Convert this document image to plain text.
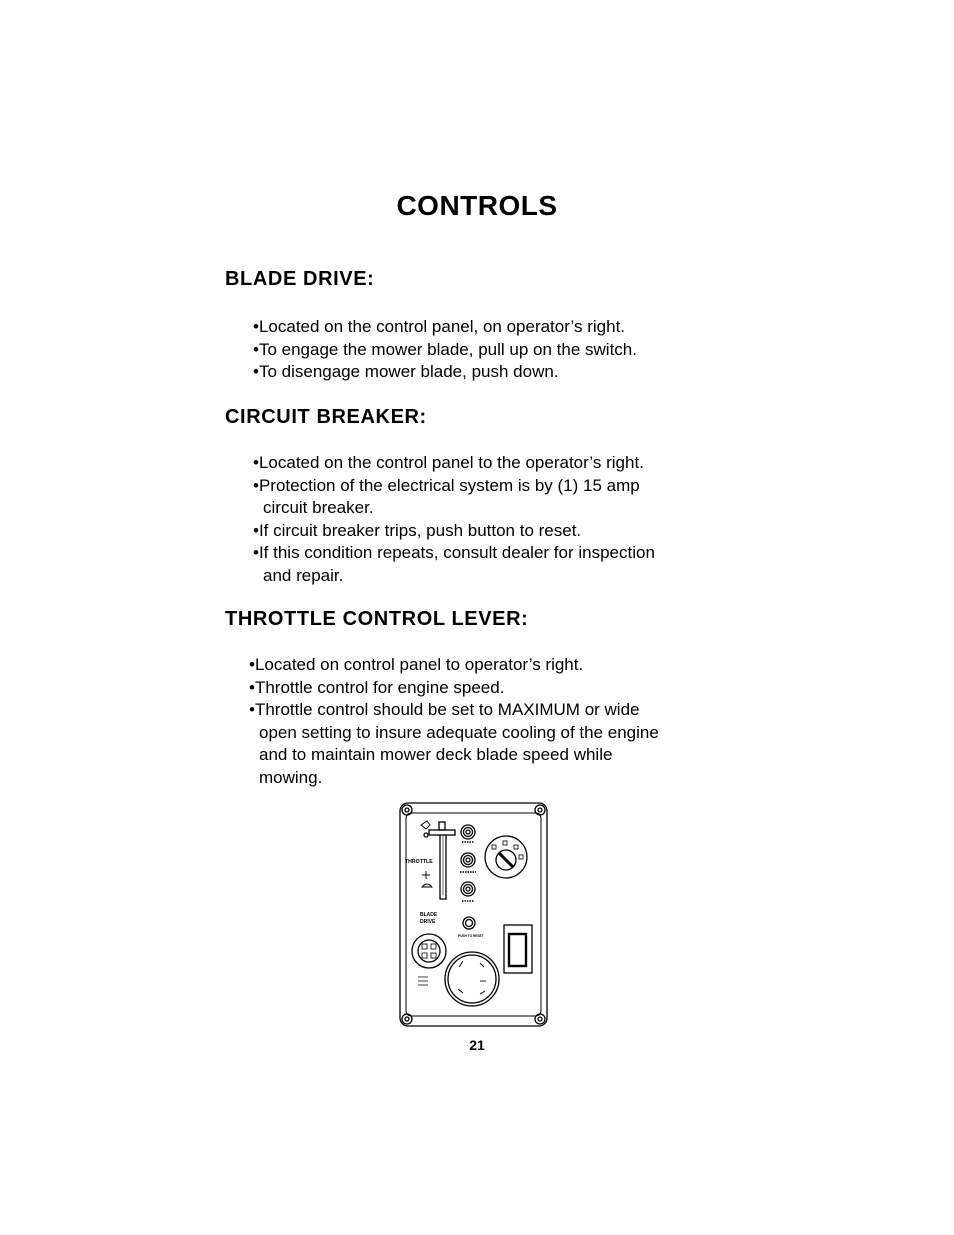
CONTROLS
BLADE DRIVE:
•Located on the control panel, on operator’s right.
•To engage the mower blade, pull up on the switch.
•To disengage mower blade, push down.
CIRCUIT BREAKER:
•Located on the control panel to the operator’s right.
•Protection of the electrical system is by (1) 15 amp
circuit breaker.
•If circuit breaker trips, push button to reset.
•If this condition repeats, consult dealer for inspection
and repair.
THROTTLE CONTROL LEVER:
•Located on control panel to operator’s right.
•Throttle control for engine speed.
•Throttle control should be set to MAXIMUM or wide
open setting to insure adequate cooling of the engine
and to maintain mower deck blade speed while
mowing.
THROTTLE
BLADE
DRIVE
PUSH TO RESET
21
